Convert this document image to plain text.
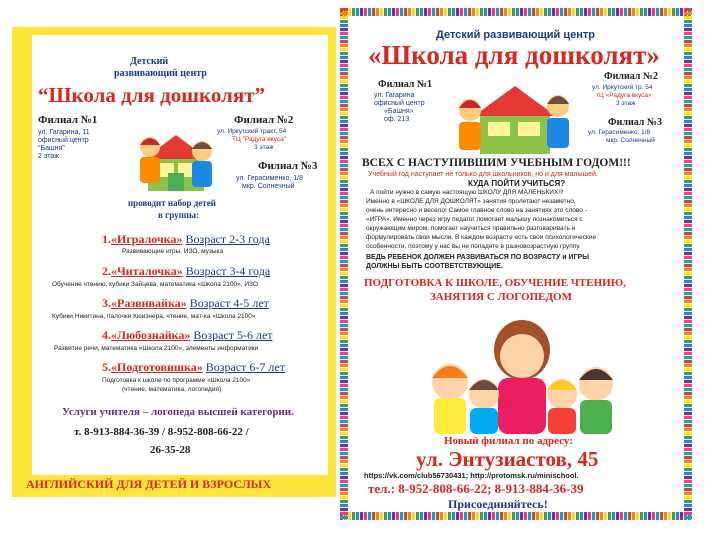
Детский

развивающий центр

“Школа для дошколят”

Филиал №1

ул. Гагарина, 11

офисный центр

"Башня"

2 этаж

Филиал №2

ул. Иркутский тракт, 54

ТЦ "Радуга вкуса"

3 этаж

Филиал №3

ул. Герасименко, 1/8

мкр. Солнечный

проводит набор детей

в группы:

1.«Игралочка» Возраст 2-3 года

Развивающие игры, ИЗО, музыка

2.«Читалочка» Возраст 3-4 года

Обучение чтению, кубики Зайцева, математика «Школа 2100», ИЗО

3.«Развивайка» Возраст 4-5 лет

Кубики Никитина, палочки Кюизнера, чтение, мат-ка «Школа 2100»

4.«Любознайка» Возраст 5-6 лет

Развитие речи, математика «Школа 2100», элементы информатики

5.«Подготовишка» Возраст 6-7 лет

Подготовка к школе по программе «Школа 2100»

(чтение, математика, логопедия)

Услуги учителя – логопеда высшей категории.

т. 8-913-884-36-39 / 8-952-808-66-22 /

26-35-28

АНГЛИЙСКИЙ ДЛЯ ДЕТЕЙ И ВЗРОСЛЫХ

Детский развивающий центр

«Школа для дошколят»

Филиал №1

ул. Гагарина

офисный центр

«Башня»

оф. 213

Филиал №2

ул. Иркутский тр. 54

тЦ «Радуга вкуса»

3 этаж

Филиал №3

ул. Герасименко, 1/8

мкр. Солнечный

ВСЕХ С НАСТУПИВШИМ УЧЕБНЫМ ГОДОМ!!!

Учебный год наступает не только для школьников, но и для малышей.

КУДА ПОЙТИ УЧИТЬСЯ?

А пойти нужно в самую настоящую ШКОЛУ ДЛЯ МАЛЕНЬКИХ!!!

Именно в «ШКОЛЕ ДЛЯ ДОШКОЛЯТ» занятия пролетают незаметно,

очень интересно и весело! Самое главное слово на занятиях это слово -

«ИГРА». Именно через игру педагог помогает малышу познакомиться с

окружающим миром, помогает научиться правильно разговаривать и

формулировать свои мысли. В каждом возрасте есть свои психологические

особенности, поэтому у нас вы не попадете в разновозрастную группу.

ВЕДЬ РЕБЕНОК ДОЛЖЕН РАЗВИВАТЬСЯ ПО ВОЗРАСТУ и ИГРЫ

ДОЛЖНЫ БЫТЬ СООТВЕТСТВУЮЩИЕ.

ПОДГОТОВКА К ШКОЛЕ, ОБУЧЕНИЕ ЧТЕНИЮ,

ЗАНЯТИЯ С ЛОГОПЕДОМ

Новый филиал по адресу:

ул. Энтузиастов, 45

https://vk.com/club56730431; http://protomsk.ru/minischool.

тел.: 8-952-808-66-22; 8-913-884-36-39

Присоединяйтесь!
